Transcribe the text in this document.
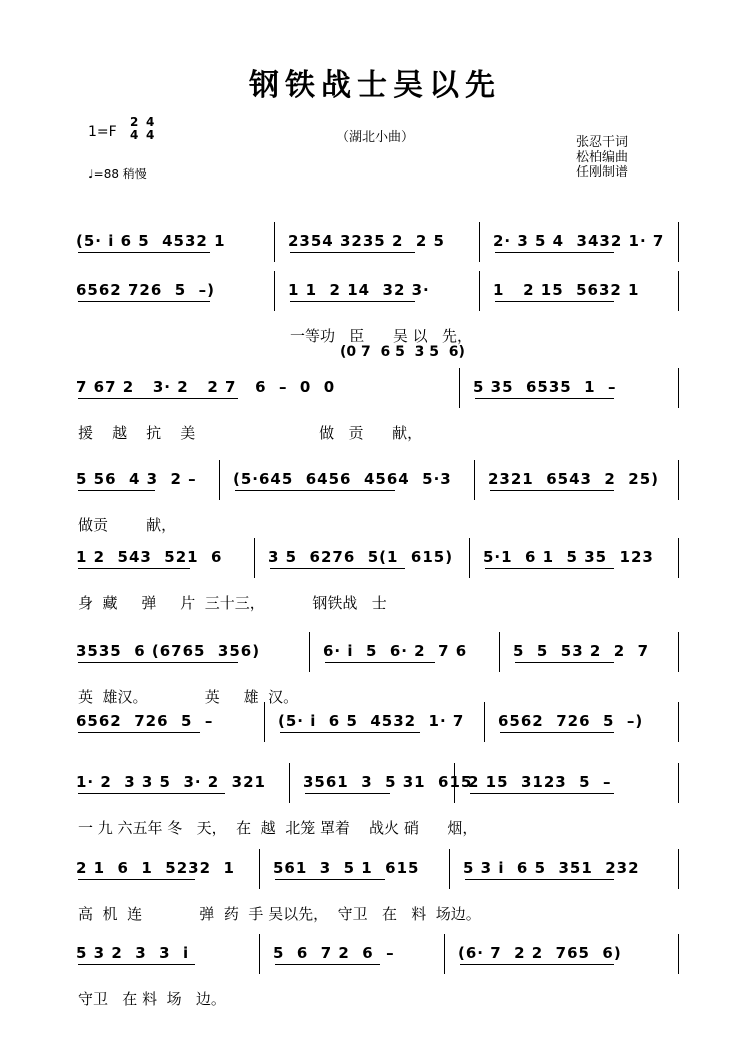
钢铁战士吴以先
1=F
2
4
4
4
♩=88 稍慢
（湖北小曲）	张忍干词
松柏编曲
任刚制谱
(5· i 6 5  4532 1	2354 3235 2  2 5	2· 3 5 4  3432 1· 7
6562 726  5  –)	1 1  2 14  32 3·	1   2 15  5632 1
一等功   臣      吴 以   先，
7 67 2   3· 2   2 7   6  –  0  0	5 35  6535  1  –
(0 7  6 5  3 5  6)
援    越    抗    美                          做   贡      献，
5 56  4 3  2 – (5·645  6456  4564  5·3 2321  6543  2  25)
做贡        献，
1 2  543  521  6	3 5  6276  5(1  615) 5·1  6 1  5 35  123
身  藏     弹     片  三十三，          钢铁战   士
3535  6 (6765  356)	6· i  5  6· 2  7 6	5  5  53 2  2  7
英  雄汉。            英     雄  汉。
6562  726  5  –	(5· i  6 5  4532  1· 7 6562  726  5  –)
1· 2  3 3 5  3· 2  321 3561  3  5 31  615
2 15  3123  5  –
一 九 六五年 冬   天，  在  越  北笼 罩着    战火 硝      烟，
2 1  6  1  5232  1	561  3  5 1  615	5 3 i  6 5  351  232
高  机  连            弹  药  手 吴以先，  守卫   在   料  场边。
5 3 2  3  3  i	5  6  7 2  6  –	(6· 7  2 2  765  6)
守卫   在 料  场   边。
